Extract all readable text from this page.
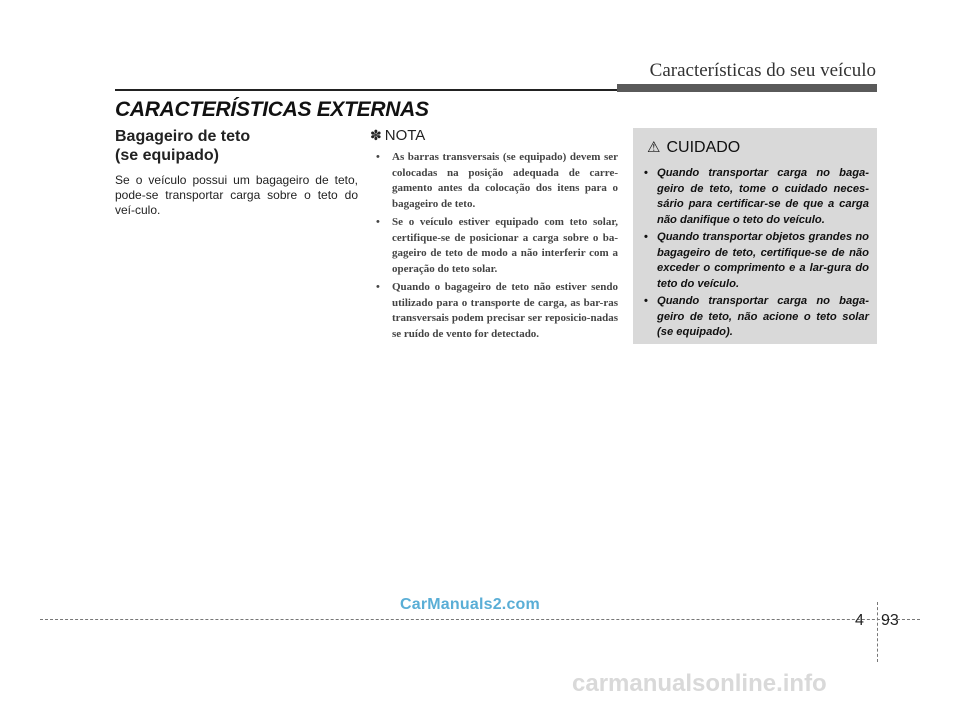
Características do seu veículo
CARACTERÍSTICAS EXTERNAS
Bagageiro de teto
(se equipado)

Se o veículo possui um bagageiro de teto, pode-se transportar carga sobre o teto do veí-culo.

✽ NOTA
• As barras transversais (se equipado) devem ser colocadas na posição adequada de carre-gamento antes da colocação dos itens para o bagageiro de teto.
• Se o veículo estiver equipado com teto solar, certifique-se de posicionar a carga sobre o ba-gageiro de teto de modo a não interferir com a operação do teto solar.
• Quando o bagageiro de teto não estiver sendo utilizado para o transporte de carga, as bar-ras transversais podem precisar ser reposicio-nadas se ruído de vento for detectado.
⚠ CUIDADO
• Quando transportar carga no baga-geiro de teto, tome o cuidado neces-sário para certificar-se de que a carga não danifique o teto do veículo.
• Quando transportar objetos grandes no bagageiro de teto, certifique-se de não exceder o comprimento e a lar-gura do teto do veículo.
• Quando transportar carga no baga-geiro de teto, não acione o teto solar (se equipado).
CarManuals2.com
4 93
carmanualsonline.info
